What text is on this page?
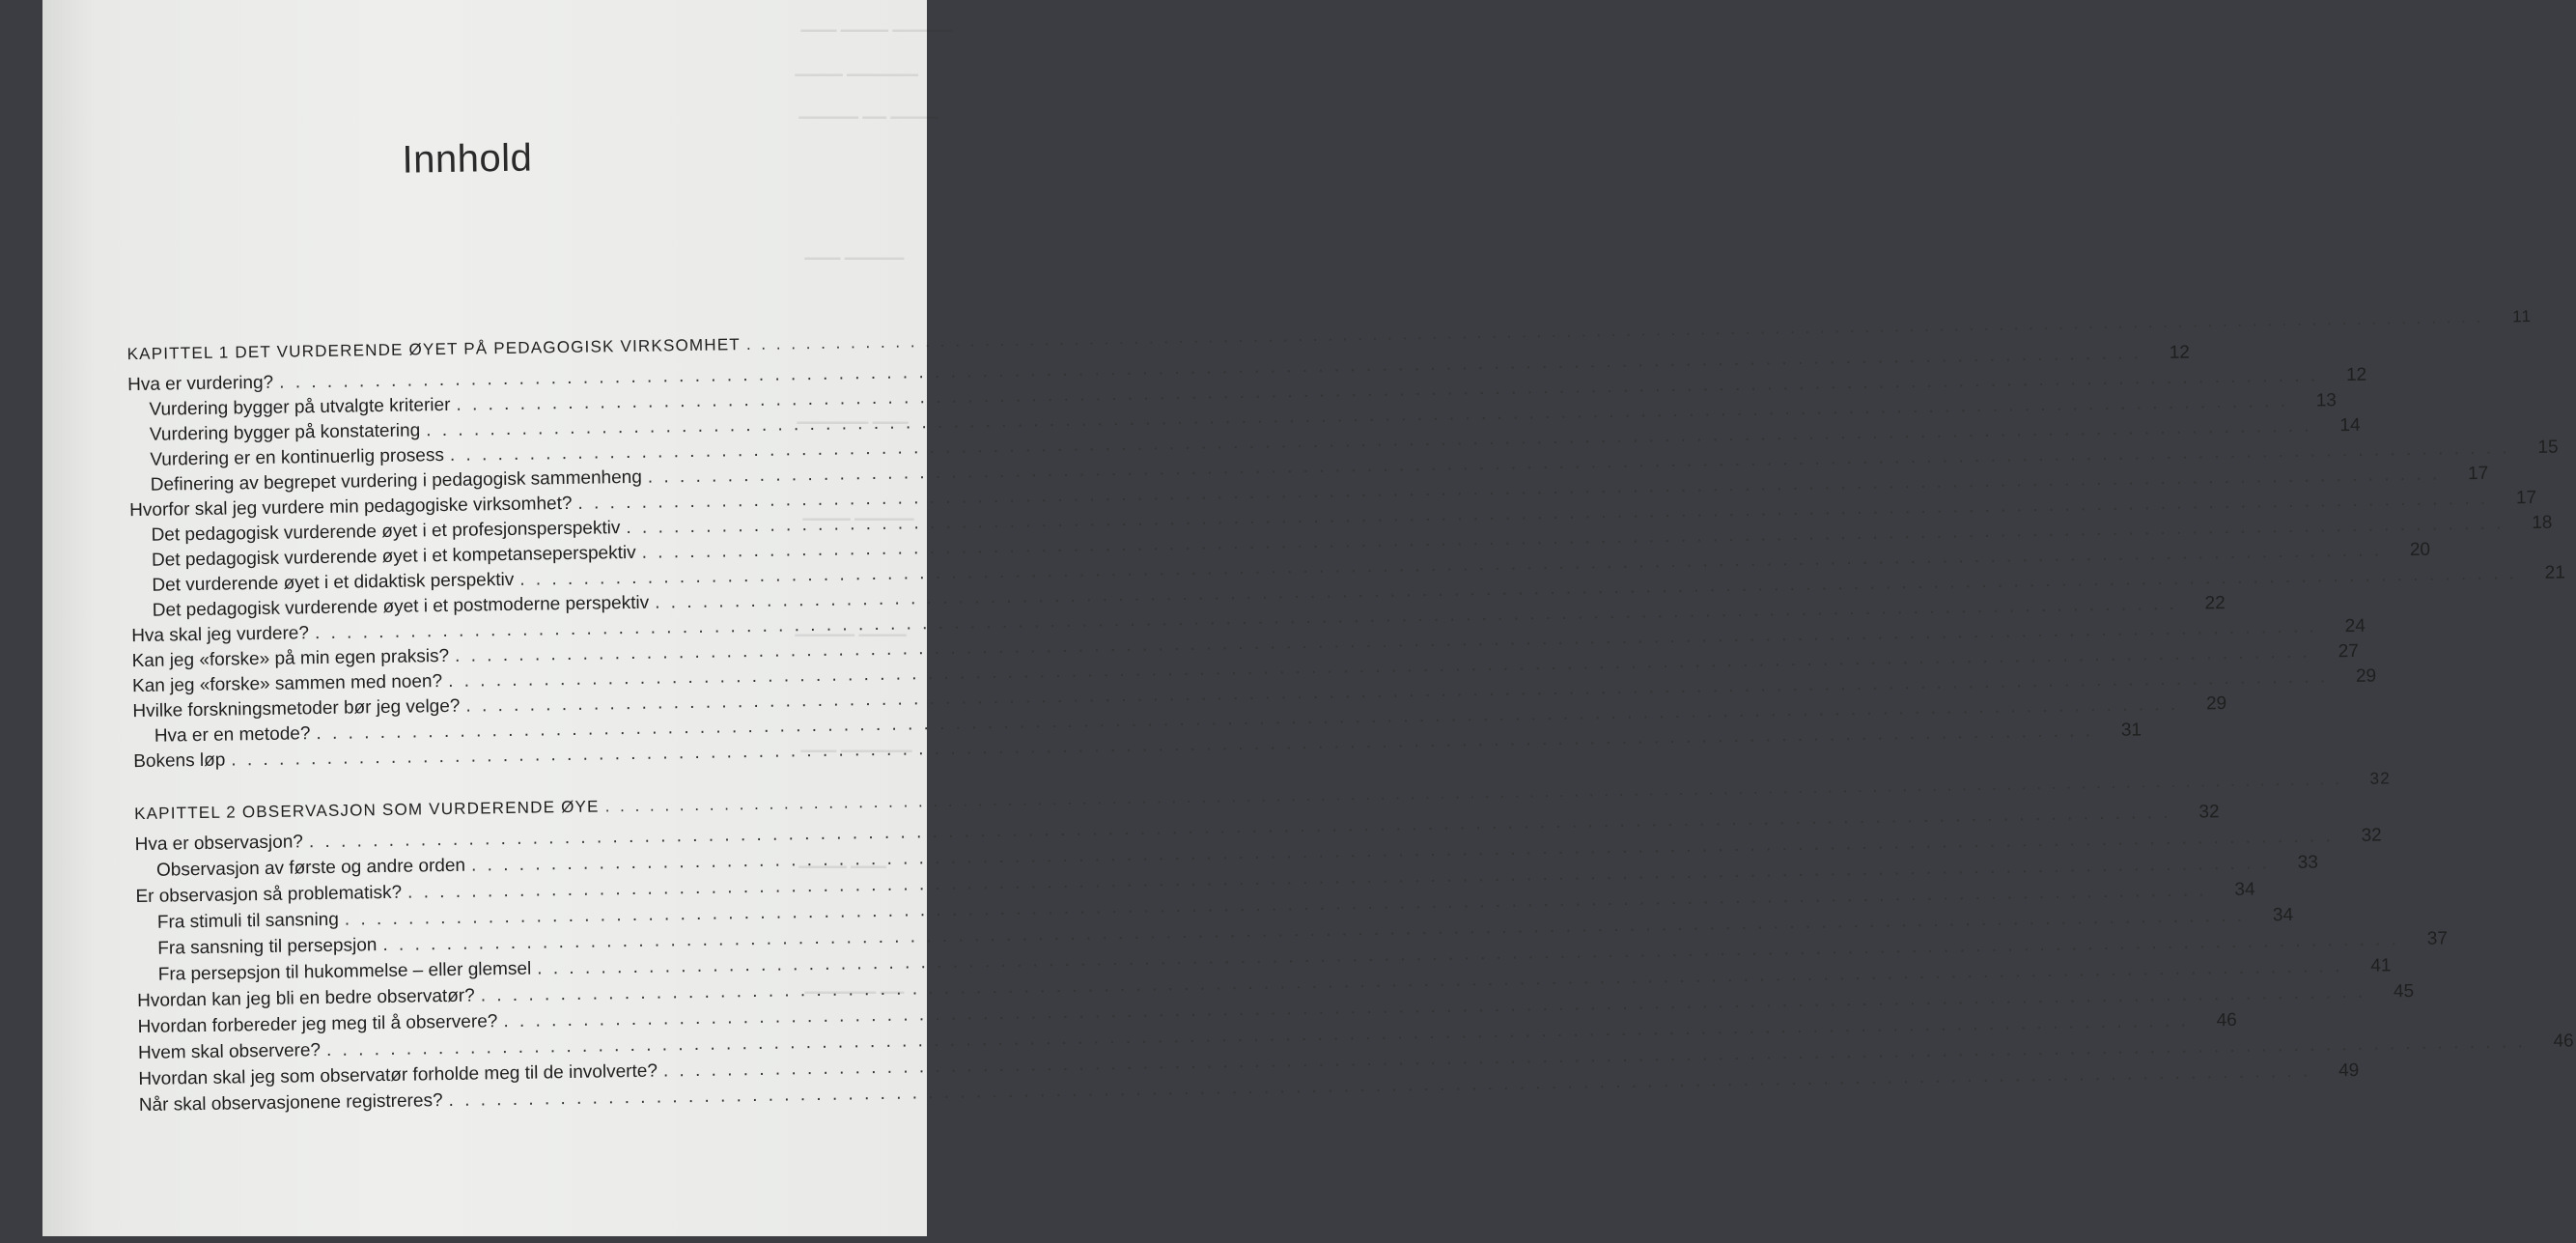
▁▁▁ ▁▁▁▁ ▁▁▁▁▁
▁▁▁▁ ▁▁▁▁▁▁
▁▁▁▁▁ ▁▁ ▁▁▁▁
▁▁▁ ▁▁▁▁▁
▁▁▁▁▁▁ ▁▁▁
▁▁▁▁ ▁▁▁▁▁
▁▁▁▁▁ ▁▁▁▁
▁▁▁ ▁▁▁▁▁▁
▁▁▁▁ ▁▁▁
▁▁▁▁▁▁ ▁▁
Innhold
KAPITTEL 1 DET VURDERENDE ØYET PÅ PEDAGOGISK VIRKSOMHET
. . .
11
Hva er vurdering?
. . .
12
Vurdering bygger på utvalgte kriterier
. . .
12
Vurdering bygger på konstatering
. . .
13
Vurdering er en kontinuerlig prosess
. . .
14
Definering av begrepet vurdering i pedagogisk sammenheng
. . .
15
Hvorfor skal jeg vurdere min pedagogiske virksomhet?
. . .
17
Det pedagogisk vurderende øyet i et profesjonsperspektiv
. . .
17
Det pedagogisk vurderende øyet i et kompetanseperspektiv
. . .
18
Det vurderende øyet i et didaktisk perspektiv
. . .
20
Det pedagogisk vurderende øyet i et postmoderne perspektiv
. . .
21
Hva skal jeg vurdere?
. . .
22
Kan jeg «forske» på min egen praksis?
. . .
24
Kan jeg «forske» sammen med noen?
. . .
27
Hvilke forskningsmetoder bør jeg velge?
. . .
29
Hva er en metode?
. . .
29
Bokens løp
. . .
31
KAPITTEL 2 OBSERVASJON SOM VURDERENDE ØYE
. . .
32
Hva er observasjon?
. . .
32
Observasjon av første og andre orden
. . .
32
Er observasjon så problematisk?
. . .
33
Fra stimuli til sansning
. . .
34
Fra sansning til persepsjon
. . .
34
Fra persepsjon til hukommelse – eller glemsel
. . .
37
Hvordan kan jeg bli en bedre observatør?
. . .
41
Hvordan forbereder jeg meg til å observere?
. . .
45
Hvem skal observere?
. . .
46
Hvordan skal jeg som observatør forholde meg til de involverte?
. . .
46
Når skal observasjonene registreres?
. . .
49
